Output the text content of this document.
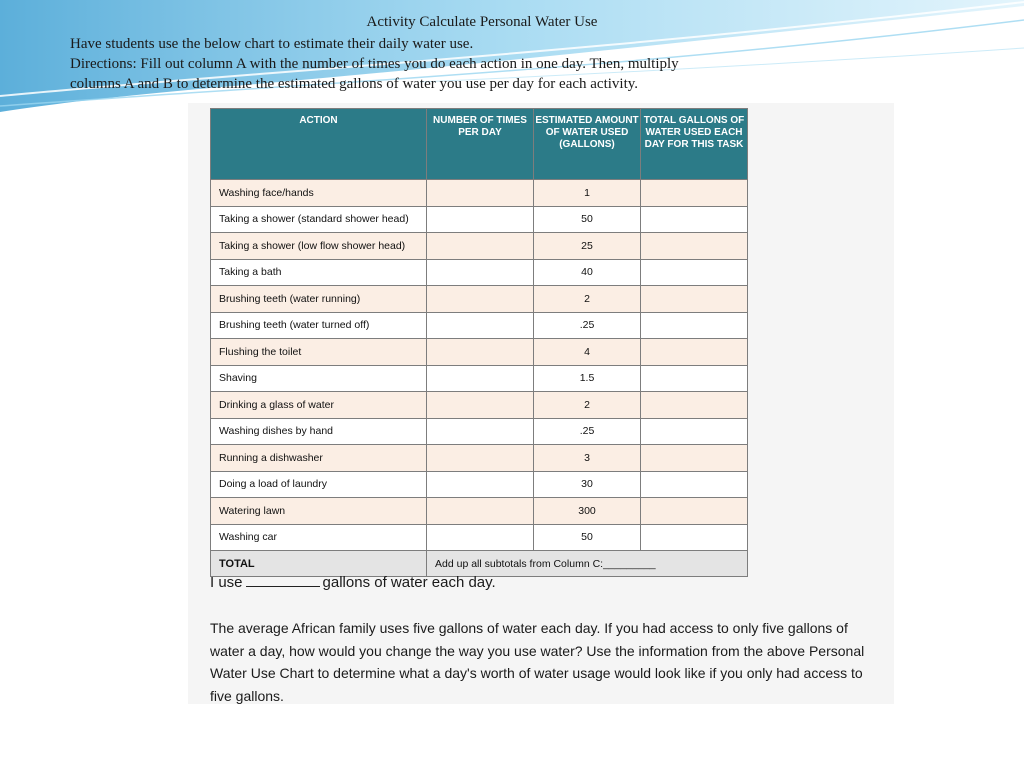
Activity Calculate Personal Water Use

Have students use the below chart to estimate their daily water use.

Directions: Fill out column A with the number of times you do each action in one day. Then, multiply

columns A and B to determine the estimated gallons of water you use per day for each activity.

ACTION	NUMBER OF TIMES PER DAY	ESTIMATED AMOUNT OF WATER USED (GALLONS)	TOTAL GALLONS OF WATER USED EACH DAY FOR THIS TASK
Washing face/hands		1	
Taking a shower (standard shower head)		50	
Taking a shower (low flow shower head)		25	
Taking a bath		40	
Brushing teeth (water running)		2	
Brushing teeth (water turned off)		.25	
Flushing the toilet		4	
Shaving		1.5	
Drinking a glass of water		2	
Washing dishes by hand		.25	
Running a dishwasher		3	
Doing a load of laundry		30	
Watering lawn		300	
Washing car		50	
TOTAL	Add up all subtotals from Column C:_________		
I use	gallons of water each day.
The average African family uses five gallons of water each day. If you had access to only five gallons of water a day, how would you change the way you use water? Use the information from the above Personal Water Use Chart to determine what a day's worth of water usage would look like if you only had access to five gallons.
